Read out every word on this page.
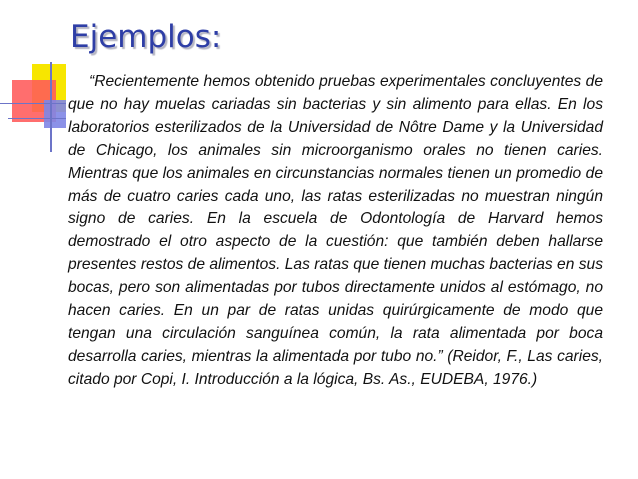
Ejemplos:

“Recientemente hemos obtenido pruebas experimentales concluyentes de que no hay muelas cariadas sin bacterias y sin alimento para ellas. En los laboratorios esterilizados de la Universidad de Nôtre Dame y la Universidad de Chicago, los animales sin microorganismo orales no tienen caries. Mientras que los animales en circunstancias normales tienen un promedio de más de cuatro caries cada uno, las ratas esterilizadas no muestran ningún signo de caries. En la escuela de Odontología de Harvard hemos demostrado el otro aspecto de la cuestión: que también deben hallarse presentes restos de alimentos. Las ratas que tienen muchas bacterias en sus bocas, pero son alimentadas por tubos directamente unidos al estómago, no hacen caries. En un par de ratas unidas quirúrgicamente de modo que tengan una circulación sanguínea común, la rata alimentada por boca desarrolla caries, mientras la alimentada por tubo no.” (Reidor, F., Las caries, citado por Copi, I. Introducción a la lógica, Bs. As., EUDEBA, 1976.)
